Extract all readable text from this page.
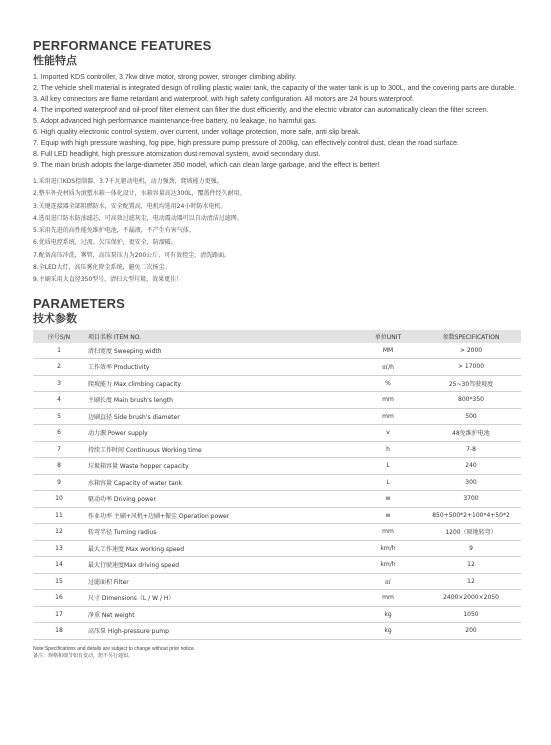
PERFORMANCE FEATURES
性能特点
1. Imported KDS controller, 3.7kw drive motor, strong power, stronger climbing ability.
2. The vehicle shell material is integrated design of rolling plastic water tank, the capacity of the water tank is up to 300L, and the covering parts are durable.
3. All key connectors are flame retardant and waterproof, with high safety configuration. All motors are 24 hours waterproof.
4. The imported waterproof and oil-proof filter element can filter the dust efficiently, and the electric vibrator can automatically clean the filter screen.
5. Adopt advanced high performance maintenance-free battery, no leakage, no harmful gas.
6. High quality electronic control system, over current, under voltage protection, more safe, anti slip break.
7. Equip with high pressure washing, fog pipe, high pressure pump pressure of 200kg, can effectively control dust, clean the road surface.
8. Full LED headlight, high pressure atomization dust removal system, avoid secondary dust.
9. The main brush adopts the large-diameter 350 model, which can clean large garbage, and the effect is better!
1.采用进口KDS控制器，3.7千瓦驱动电机，动力强劲，爬坡能力更强。
2.整车外壳材质为滚塑水箱一体化设计，水箱容量高达300L，覆盖件经久耐用。
3.关键连接器全部阻燃防水，安全配置高，电机均选用24小时防水电机。
4.选用进口防水防油滤芯，可高效过滤灰尘，电动震动器可以自动清洁过滤网。
5.采用先进的高性能免维护电池，不漏液，不产生有害气体。
6.优质电控系统，过流、欠压保护，更安全，防溜破。
7.配备高压冲洗，雾管，高压泵压力为200公斤，可有效控尘，清洗路面。
8.全LED大灯，高压雾化降尘系统，避免二次扬尘。
9.主刷采用大直径350型号，清扫大型垃圾，效果更佳！
PARAMETERS
技术参数
序号S/N	项目名称 ITEM NO.	单位UNIT	参数SPECIFICATION
1	清扫宽度 Sweeping width	MM	> 2000
2	工作效率 Productivity	㎡/h	> 17000
3	爬坡能力 Max climbing capacity	%	25~30驾驶坡度
4	主刷长度 Main brush's length	mm	800*350
5	边刷直径 Side brush's diameter	mm	500
6	动力源 Power supply	v	48免维护电池
7	持续工作时间 Continuous Working time	h	7-8
8	垃圾箱容量 Waste hopper capacity	L	240
9	水箱容量 Capacity of water tank	L	300
10	驱动功率 Driving power	w	3700
11	作业功率 主刷+风机+边刷+振尘 Operation power	w	850+500*2+100*4+50*2
12	转弯半径 Turning radius	mm	1200（原地转弯）
13	最大工作速度 Max working speed	km/h	9
14	最大行驶速度Max driving speed	km/h	12
15	过滤面积 Filter	㎡	12
16	尺寸 Dimensions（L / W / H）	mm	2400×2000×2050
17	净重 Net weight	kg	1050
18	高压泵 High-pressure pump	kg	200
Note:Specifications and details are subject to change without prior notice.
备注：规格和细节如有变动，恕不另行通知。
